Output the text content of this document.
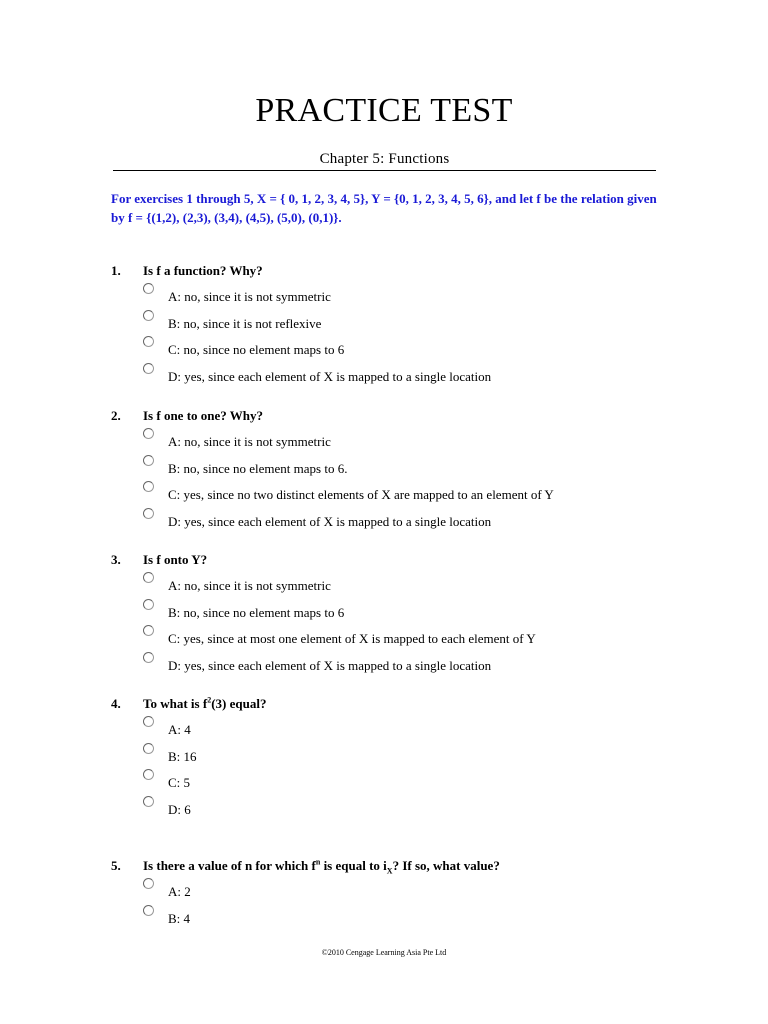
PRACTICE TEST
Chapter 5: Functions
For exercises 1 through 5, X = { 0, 1, 2, 3, 4, 5}, Y = {0, 1, 2, 3, 4, 5, 6}, and let f be the relation given by f = {(1,2), (2,3), (3,4), (4,5), (5,0), (0,1)}.
1. Is f a function? Why?
A: no, since it is not symmetric
B: no, since it is not reflexive
C: no, since no element maps to 6
D: yes, since each element of X is mapped to a single location
2. Is f one to one? Why?
A: no, since it is not symmetric
B: no, since no element maps to 6.
C: yes, since no two distinct elements of X are mapped to an element of Y
D: yes, since each element of X is mapped to a single location
3. Is f onto Y?
A: no, since it is not symmetric
B: no, since no element maps to 6
C: yes, since at most one element of X is mapped to each element of Y
D: yes, since each element of X is mapped to a single location
4. To what is $f^2(3)$ equal?
A: 4
B: 16
C: 5
D: 6
5. Is there a value of n for which $f^n$ is equal to $i_X$? If so, what value?
A: 2
B: 4
©2010 Cengage Learning Asia Pte Ltd
